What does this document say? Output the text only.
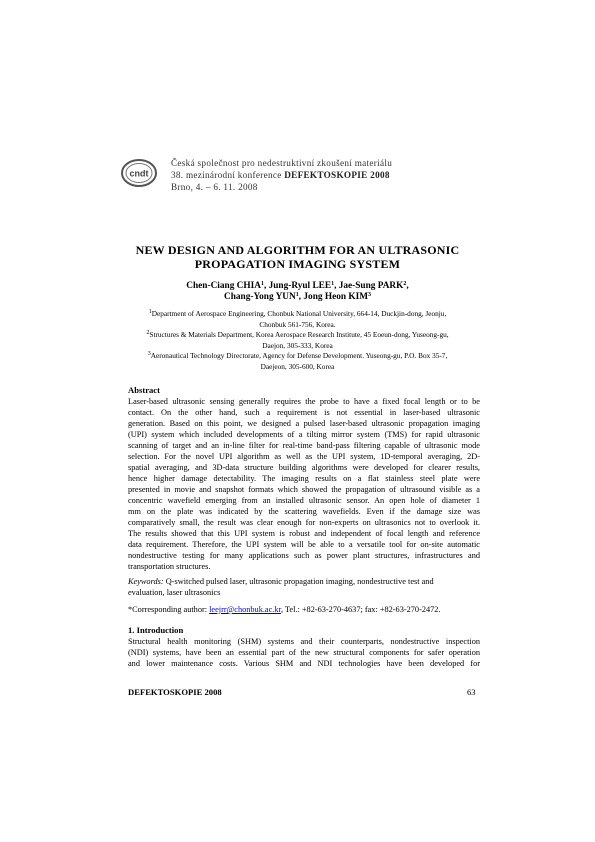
cndt
Česká společnost pro nedestruktivní zkoušení materiálu
38. mezinárodní konference DEFEKTOSKOPIE 2008
Brno, 4. – 6. 11. 2008
NEW DESIGN AND ALGORITHM FOR AN ULTRASONIC
PROPAGATION IMAGING SYSTEM
Chen-Ciang CHIA$^1$, Jung-Ryul LEE$^1$, Jae-Sung PARK$^2$,
Chang-Yong YUN$^1$, Jong Heon KIM$^3$
$^1$Department of Aerospace Engineering, Chonbuk National University, 664-14, Duckjin-dong, Jeonju,
Chonbuk 561-756, Korea.
$^2$Structures & Materials Department, Korea Aerospace Research Institute, 45 Eoeun-dong, Yuseong-gu,
Daejon, 305-333, Korea
$^3$Aeronautical Technology Directorate, Agency for Defense Development. Yuseong-gu, P.O. Box 35-7,
Daejeon, 305-600, Korea
Abstract
Laser-based ultrasonic sensing generally requires the probe to have a fixed focal length or to be
contact. On the other hand, such a requirement is not essential in laser-based ultrasonic
generation. Based on this point, we designed a pulsed laser-based ultrasonic propagation imaging
(UPI) system which included developments of a tilting mirror system (TMS) for rapid ultrasonic
scanning of target and an in-line filter for real-time band-pass filtering capable of ultrasonic mode
selection. For the novel UPI algorithm as well as the UPI system, 1D-temporal averaging, 2D-
spatial averaging, and 3D-data structure building algorithms were developed for clearer results,
hence higher damage detectability. The imaging results on a flat stainless steel plate were
presented in movie and snapshot formats which showed the propagation of ultrasound visible as a
concentric wavefield emerging from an installed ultrasonic sensor. An open hole of diameter 1
mm on the plate was indicated by the scattering wavefields. Even if the damage size was
comparatively small, the result was clear enough for non-experts on ultrasonics not to overlook it.
The results showed that this UPI system is robust and independent of focal length and reference
data requirement. Therefore, the UPI system will be able to a versatile tool for on-site automatic
nondestructive testing for many applications such as power plant structures, infrastructures and
transportation structures.
Keywords: Q-switched pulsed laser, ultrasonic propagation imaging, nondestructive test and
evaluation, laser ultrasonics
*Corresponding author: leejrr@chonbuk.ac.kr, Tel.: +82-63-270-4637; fax: +82-63-270-2472.
1. Introduction
Structural health monitoring (SHM) systems and their counterparts, nondestructive inspection
(NDI) systems, have been an essential part of the new structural components for safer operation
and lower maintenance costs. Various SHM and NDI technologies have been developed for
DEFEKTOSKOPIE 2008	63
